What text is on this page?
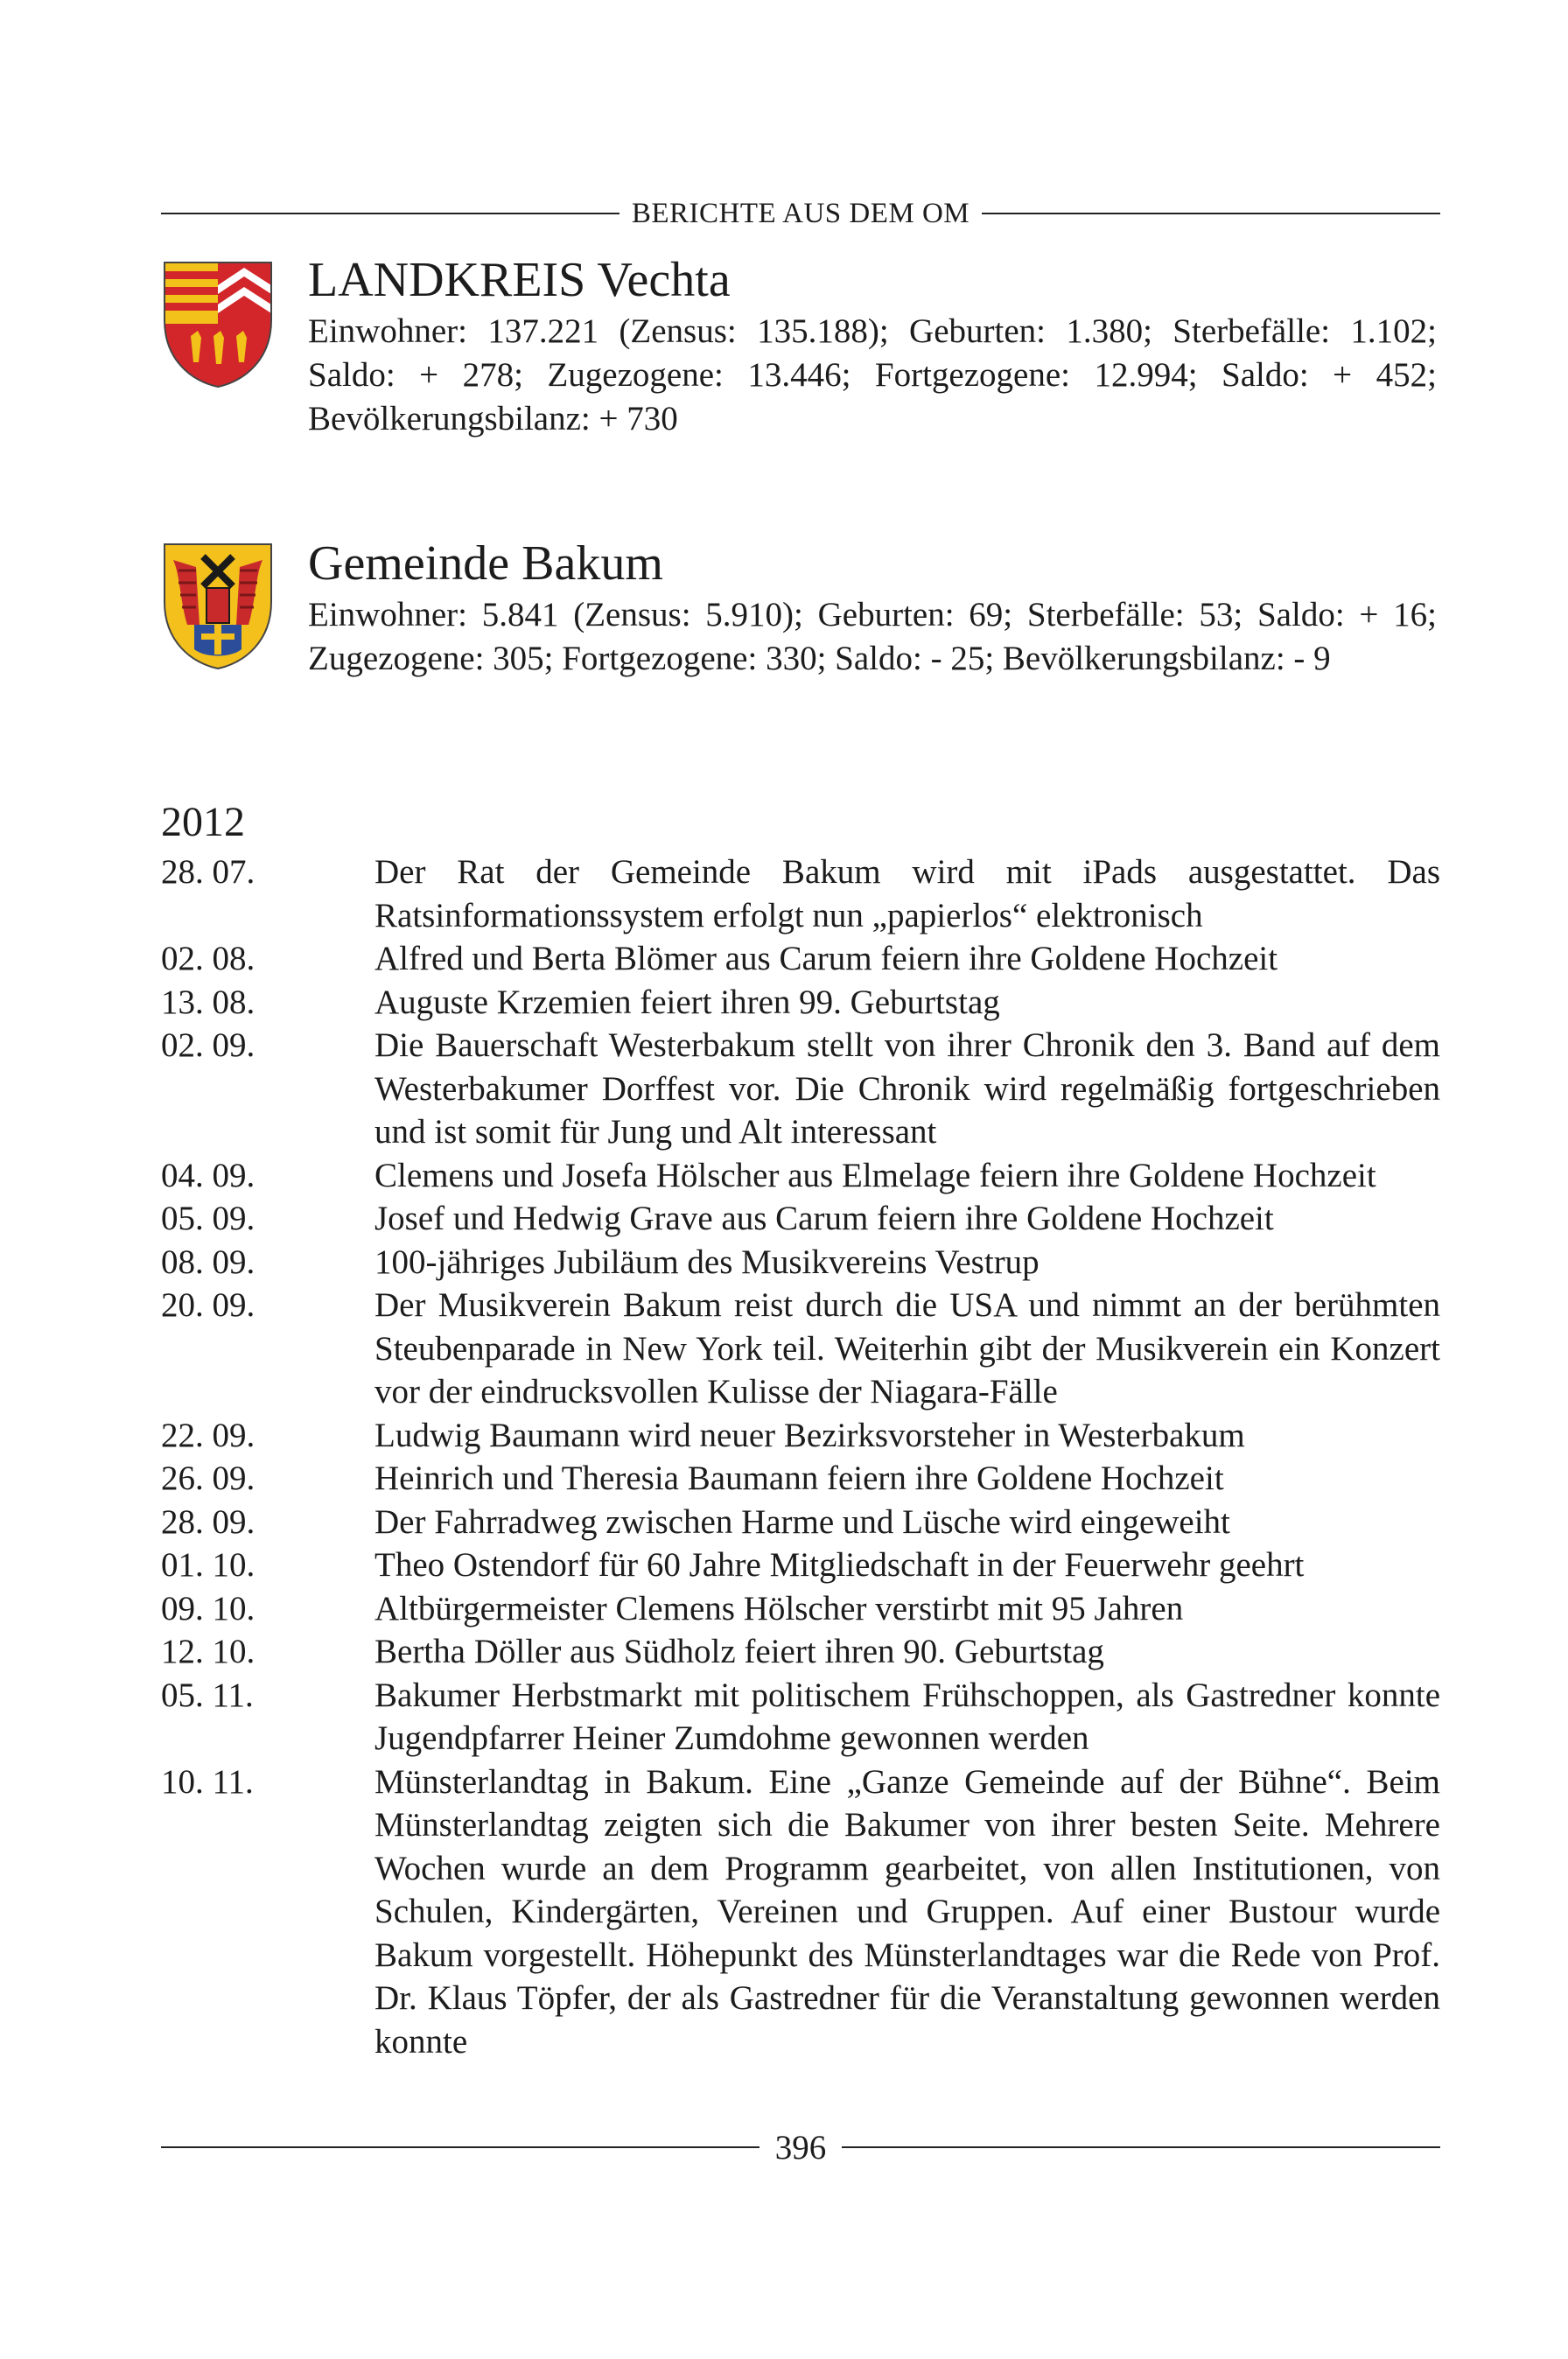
BERICHTE AUS DEM OM
LANDKREIS Vechta
Einwohner: 137.221 (Zensus: 135.188); Geburten: 1.380; Sterbefälle: 1.102; Saldo: + 278; Zugezogene: 13.446; Fortgezogene: 12.994; Saldo: + 452; Bevölkerungsbilanz: + 730
Gemeinde Bakum
Einwohner: 5.841 (Zensus: 5.910); Geburten: 69; Sterbefälle: 53; Saldo: + 16; Zugezogene: 305; Fortgezogene: 330; Saldo: - 25; Bevölkerungsbilanz: - 9
2012
28. 07.	Der Rat der Gemeinde Bakum wird mit iPads ausgestattet. Das Ratsinformationssystem erfolgt nun „papierlos“ elektronisch
02. 08.	Alfred und Berta Blömer aus Carum feiern ihre Goldene Hochzeit
13. 08.	Auguste Krzemien feiert ihren 99. Geburtstag
02. 09.	Die Bauerschaft Westerbakum stellt von ihrer Chronik den 3. Band auf dem Westerbakumer Dorffest vor. Die Chronik wird regelmäßig fortgeschrieben und ist somit für Jung und Alt interessant
04. 09.	Clemens und Josefa Hölscher aus Elmelage feiern ihre Goldene Hochzeit
05. 09.	Josef und Hedwig Grave aus Carum feiern ihre Goldene Hochzeit
08. 09.	100-jähriges Jubiläum des Musikvereins Vestrup
20. 09.	Der Musikverein Bakum reist durch die USA und nimmt an der berühmten Steubenparade in New York teil. Weiterhin gibt der Musikverein ein Konzert vor der eindrucksvollen Kulisse der Niagara-Fälle
22. 09.	Ludwig Baumann wird neuer Bezirksvorsteher in Westerbakum
26. 09.	Heinrich und Theresia Baumann feiern ihre Goldene Hochzeit
28. 09.	Der Fahrradweg zwischen Harme und Lüsche wird eingeweiht
01. 10.	Theo Ostendorf für 60 Jahre Mitgliedschaft in der Feuerwehr geehrt
09. 10.	Altbürgermeister Clemens Hölscher verstirbt mit 95 Jahren
12. 10.	Bertha Döller aus Südholz feiert ihren 90. Geburtstag
05. 11.	Bakumer Herbstmarkt mit politischem Frühschoppen, als Gastredner konnte Jugendpfarrer Heiner Zumdohme gewonnen werden
10. 11.	Münsterlandtag in Bakum. Eine „Ganze Gemeinde auf der Bühne“. Beim Münsterlandtag zeigten sich die Bakumer von ihrer besten Seite. Mehrere Wochen wurde an dem Programm gearbeitet, von allen Institutionen, von Schulen, Kindergärten, Vereinen und Gruppen. Auf einer Bustour wurde Bakum vorgestellt. Höhepunkt des Münsterlandtages war die Rede von Prof. Dr. Klaus Töpfer, der als Gastredner für die Veranstaltung gewonnen werden konnte
396
